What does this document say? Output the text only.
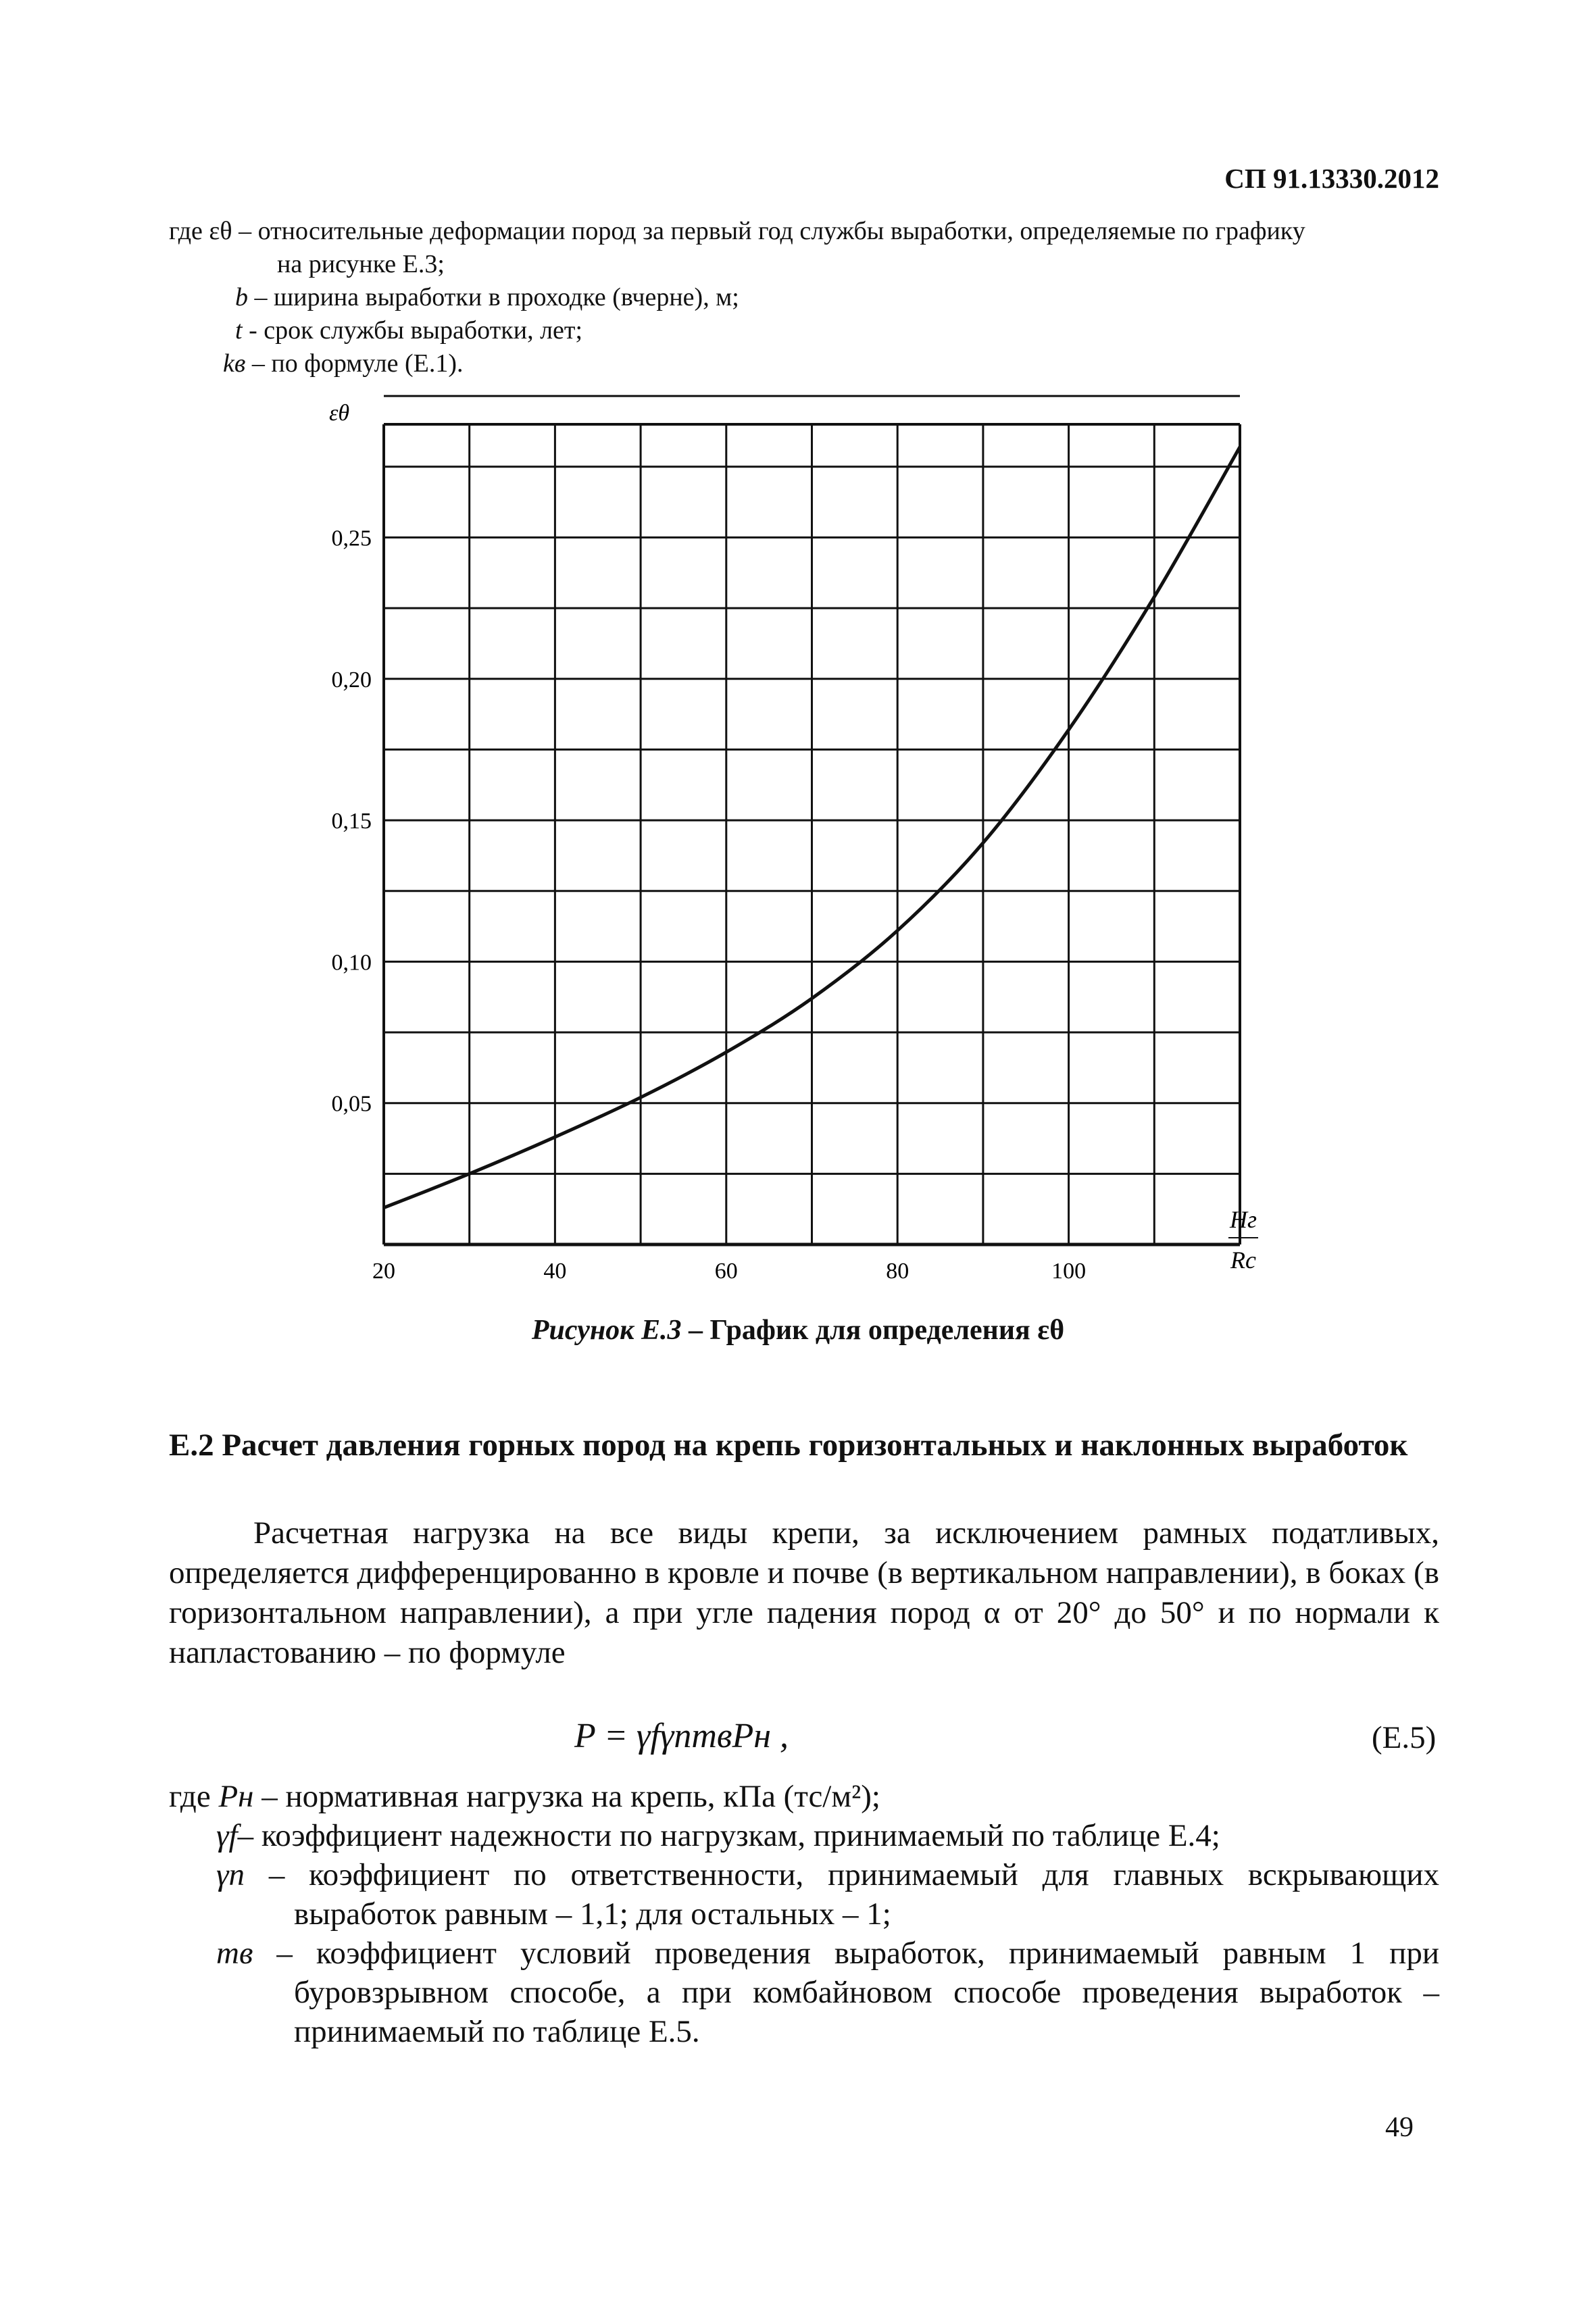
СП 91.13330.2012
где εθ – относительные деформации пород за первый год службы выработки, определяемые по графику
на рисунке Е.3;
b – ширина выработки в проходке (вчерне), м;
t - срок службы выработки, лет;
kв – по формуле (Е.1).
0,05
0,10
0,15
0,20
0,25
20	40	60	80	100
εθ
Hг
Rс
Рисунок Е.3 – График для определения εθ
Е.2 Расчет давления горных пород на крепь горизонтальных и наклонных выработок
Расчетная нагрузка на все виды крепи, за исключением рамных податливых, определяется дифференцированно в кровле и почве (в вертикальном направлении), в боках (в горизонтальном направлении), а при угле падения пород α от 20° до 50° и по нормали к напластованию – по формуле
P = γfγnmвPн ,	(Е.5)
где Pн – нормативная нагрузка на крепь, кПа (тс/м²);
γf– коэффициент надежности по нагрузкам, принимаемый по таблице Е.4;
γn – коэффициент по ответственности, принимаемый для главных вскрывающих
выработок равным – 1,1; для остальных – 1;
mв – коэффициент условий проведения выработок, принимаемый равным 1 при
буровзрывном способе, а при комбайновом способе проведения выработок –
принимаемый по таблице Е.5.
49
